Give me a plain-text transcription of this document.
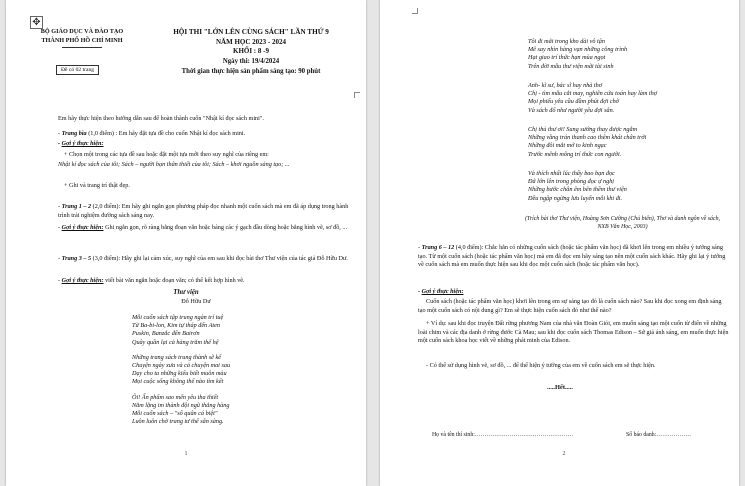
✥
BỘ GIÁO DỤC VÀ ĐÀO TẠO
THÀNH PHỐ HỒ CHÍ MINH
Đề có 02 trang
HỘI THI "LỚN LÊN CÙNG SÁCH" LẦN THỨ 9
NĂM HỌC 2023 - 2024
KHỐI : 8 -9
Ngày thi: 19/4/2024
Thời gian thực hiện sản phẩm sáng tạo: 90 phút
Em hãy thực hiện theo hướng dẫn sau để hoàn thành cuốn "Nhật kí đọc sách mini".
- Trang bìa (1,0 điểm) : Em hãy đặt tựa đề cho cuốn Nhật kí đọc sách mini.
- Gợi ý thực hiện:
+ Chọn một trong các tựa đề sau hoặc đặt một tựa mới theo suy nghĩ của riêng em:
Nhật kí đọc sách của tôi; Sách – người bạn thân thiết của tôi; Sách – khơi nguồn sáng tạo; ...
+ Ghi và trang trí thật đẹp.
- Trang 1 – 2 (2,0 điểm): Em hãy ghi ngắn gọn phương pháp đọc nhanh một cuốn sách mà em đã áp dụng trong hành trình trải nghiệm đường sách sáng nay.
- Gợi ý thực hiện: Ghi ngắn gọn, rõ ràng bằng đoạn văn hoặc bảng các ý gạch đầu dòng hoặc bằng hình vẽ, sơ đồ, ...
- Trang 3 – 5 (3,0 điểm): Hãy ghi lại cảm xúc, suy nghĩ của em sau khi đọc bài thơ Thư viện của tác giả Đỗ Hữu Dư.
- Gợi ý thực hiện: viết bài văn ngắn hoặc đoạn văn; có thể kết hợp hình vẽ.
Thư viện
Đỗ Hữu Dư
Mỗi cuốn sách tập trung ngàn trí tuệ
Từ Ba-bi-lon, Kim tự tháp đến Aten
Puskin, Banzắc đến Bairơn
Quây quần lại cả hàng trăm thế hệ
Những trang sách trung thành sẽ kể
Chuyện ngày xưa và cả chuyện mai sau
Dạy cho ta những kiểu biết muôn màu
Mọi cuộc sống không thể nào tìm kết
Ôi! Ấn phẩm sao mến yêu tha thiết
Nằm lặng im thành đội ngũ thẳng hàng
Mỗi cuốn sách – "số quân cá biệt"
Luôn luôn chờ trang tư thế sẵn sàng.
1
Tôi đi mãi trong kho dài vô tận
Mê say nhìn hàng vạn những công trình
Hạt giao trí thức hạn mùa ngọt
Trên đời mẫu thư viện mãi tài sinh
Anh- kĩ sư, bác sĩ hay nhà thơ
Chị - tìm mẫu cắt may, nghiên cứu toán hay làm thợ
Mọi phiếu yêu cầu đầm phút đợi chờ
Và sách đổ như người yêu đợi sẵn.
Chị thủ thư ơi! Sung sướng thay được ngắm
Những vầng trán thanh cao thêm khát chân trời
Những đôi mắt mở to kinh ngạc
Trước mênh mông trí thức con người.
Và thích nhất lúc thấy bao bạn đọc
Đã lớn lên trong phòng đọc ự nghị
Những bước chân êm bên thềm thư viện
Đều ngập ngừng lưu luyến mỗi khi đi.
(Trích bài thơ Thư viện, Hoàng Sơn Cường (Chủ biên), Thơ và danh ngôn về sách, NXB Văn Học, 2003)
- Trang 6 – 12 (4,0 điểm): Chắc hẳn có những cuốn sách (hoặc tác phẩm văn học) đã khơi lên trong em nhiều ý tưởng sáng tạo. Từ một cuốn sách (hoặc tác phẩm văn học) mà em đã đọc em hãy sáng tạo nên một cuốn sách khác. Hãy ghi lại ý tưởng về cuốn sách mà em muốn thực hiện sau khi đọc một cuốn sách (hoặc tác phẩm văn học).
- Gợi ý thực hiện:
Cuốn sách (hoặc tác phẩm văn học) khơi lên trong em sự sáng tạo đó là cuốn sách nào? Sau khi đọc xong em định sáng tạo một cuốn sách có nội dung gì? Em sẽ thực hiện cuốn sách đó như thế nào?
+ Ví dụ: sau khi đọc truyện Đất rừng phương Nam của nhà văn Đoàn Giỏi, em muốn sáng tạo một cuốn từ điển về những loài chim và các địa danh ở rừng đước Cà Mau; sau khi đọc cuốn sách Thomas Edison – Sứ giả ánh sáng, em muốn thực hiện một cuốn sách khoa học viết về những phát minh của Edison.
- Có thể sử dụng hình vẽ, sơ đồ, ... để thể hiện ý tưởng của em về cuốn sách em sẽ thực hiện.
.....Hết.....
Họ và tên thí sinh:……………………………………………	Số báo danh:………………
2
